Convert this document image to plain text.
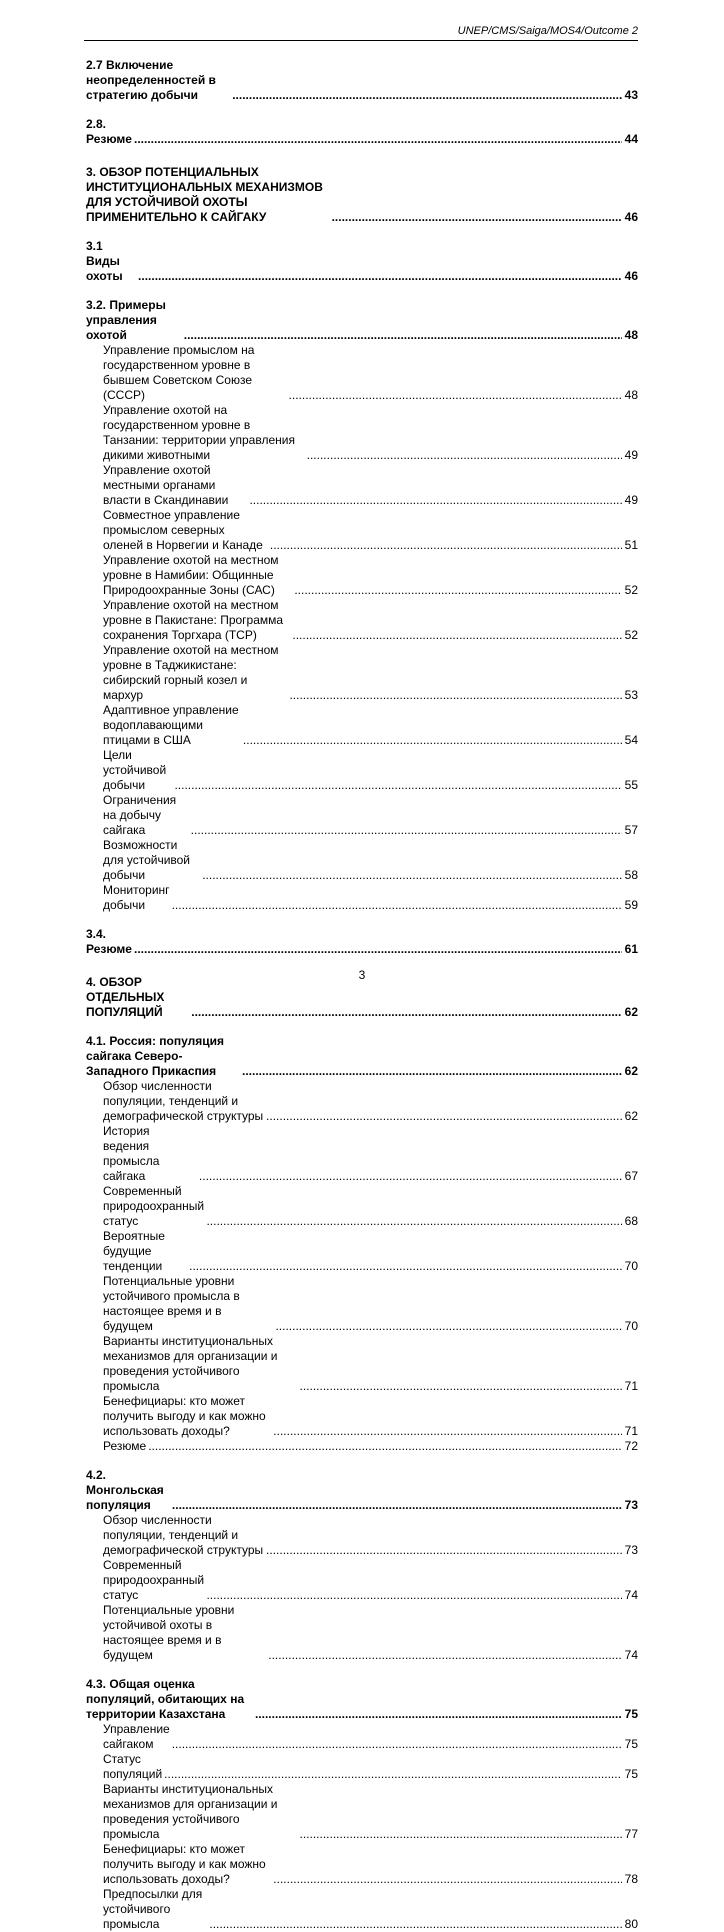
UNEP/CMS/Saiga/MOS4/Outcome 2
2.7 Включение неопределенностей в стратегию добычи .....	43
2.8. Резюме .....	44
3. ОБЗОР ПОТЕНЦИАЛЬНЫХ ИНСТИТУЦИОНАЛЬНЫХ МЕХАНИЗМОВ ДЛЯ УСТОЙЧИВОЙ ОХОТЫ ПРИМЕНИТЕЛЬНО К САЙГАКУ .....	46
3.1 Виды охоты .....	46
3.2. Примеры управления охотой .....	48
Управление промыслом на государственном уровне в бывшем Советском Союзе (СССР) .....	48
Управление охотой на государственном уровне в Танзании: территории управления дикими животными .....	49
Управление охотой местными органами власти в Скандинавии .....	49
Совместное управление промыслом северных оленей в Норвегии и Канаде .....	51
Управление охотой на местном уровне в Намибии: Общинные Природоохранные Зоны (САС) .....	52
Управление охотой на местном уровне в Пакистане: Программа сохранения Торгхара (TCP) .....	52
Управление охотой на местном уровне в Таджикистане: сибирский горный козел и мархур .....	53
Адаптивное управление водоплавающими птицами в США .....	54
Цели устойчивой добычи .....	55
Ограничения на добычу сайгака .....	57
Возможности для устойчивой добычи .....	58
Мониторинг добычи .....	59
3.4. Резюме .....	61
4. ОБЗОР ОТДЕЛЬНЫХ ПОПУЛЯЦИЙ .....	62
4.1. Россия: популяция сайгака Северо-Западного Прикаспия .....	62
Обзор численности популяции, тенденций и демографической структуры .....	62
История ведения промысла сайгака .....	67
Современный природоохранный статус .....	68
Вероятные будущие тенденции .....	70
Потенциальные уровни устойчивого промысла в настоящее время и в будущем .....	70
Варианты институциональных механизмов для организации и проведения устойчивого промысла .....	71
Бенефициары: кто может получить выгоду и как можно использовать доходы? .....	71
Резюме .....	72
4.2. Монгольская популяция .....	73
Обзор численности популяции, тенденций и демографической структуры .....	73
Современный природоохранный статус .....	74
Потенциальные уровни устойчивой охоты в настоящее время и в будущем .....	74
4.3. Общая оценка популяций, обитающих на территории Казахстана .....	75
Управление сайгаком .....	75
Статус популяций .....	75
Варианты институциональных механизмов для организации и проведения устойчивого промысла .....	77
Бенефициары: кто может получить выгоду и как можно использовать доходы? .....	78
Предпосылки для устойчивого промысла .....	80
3
